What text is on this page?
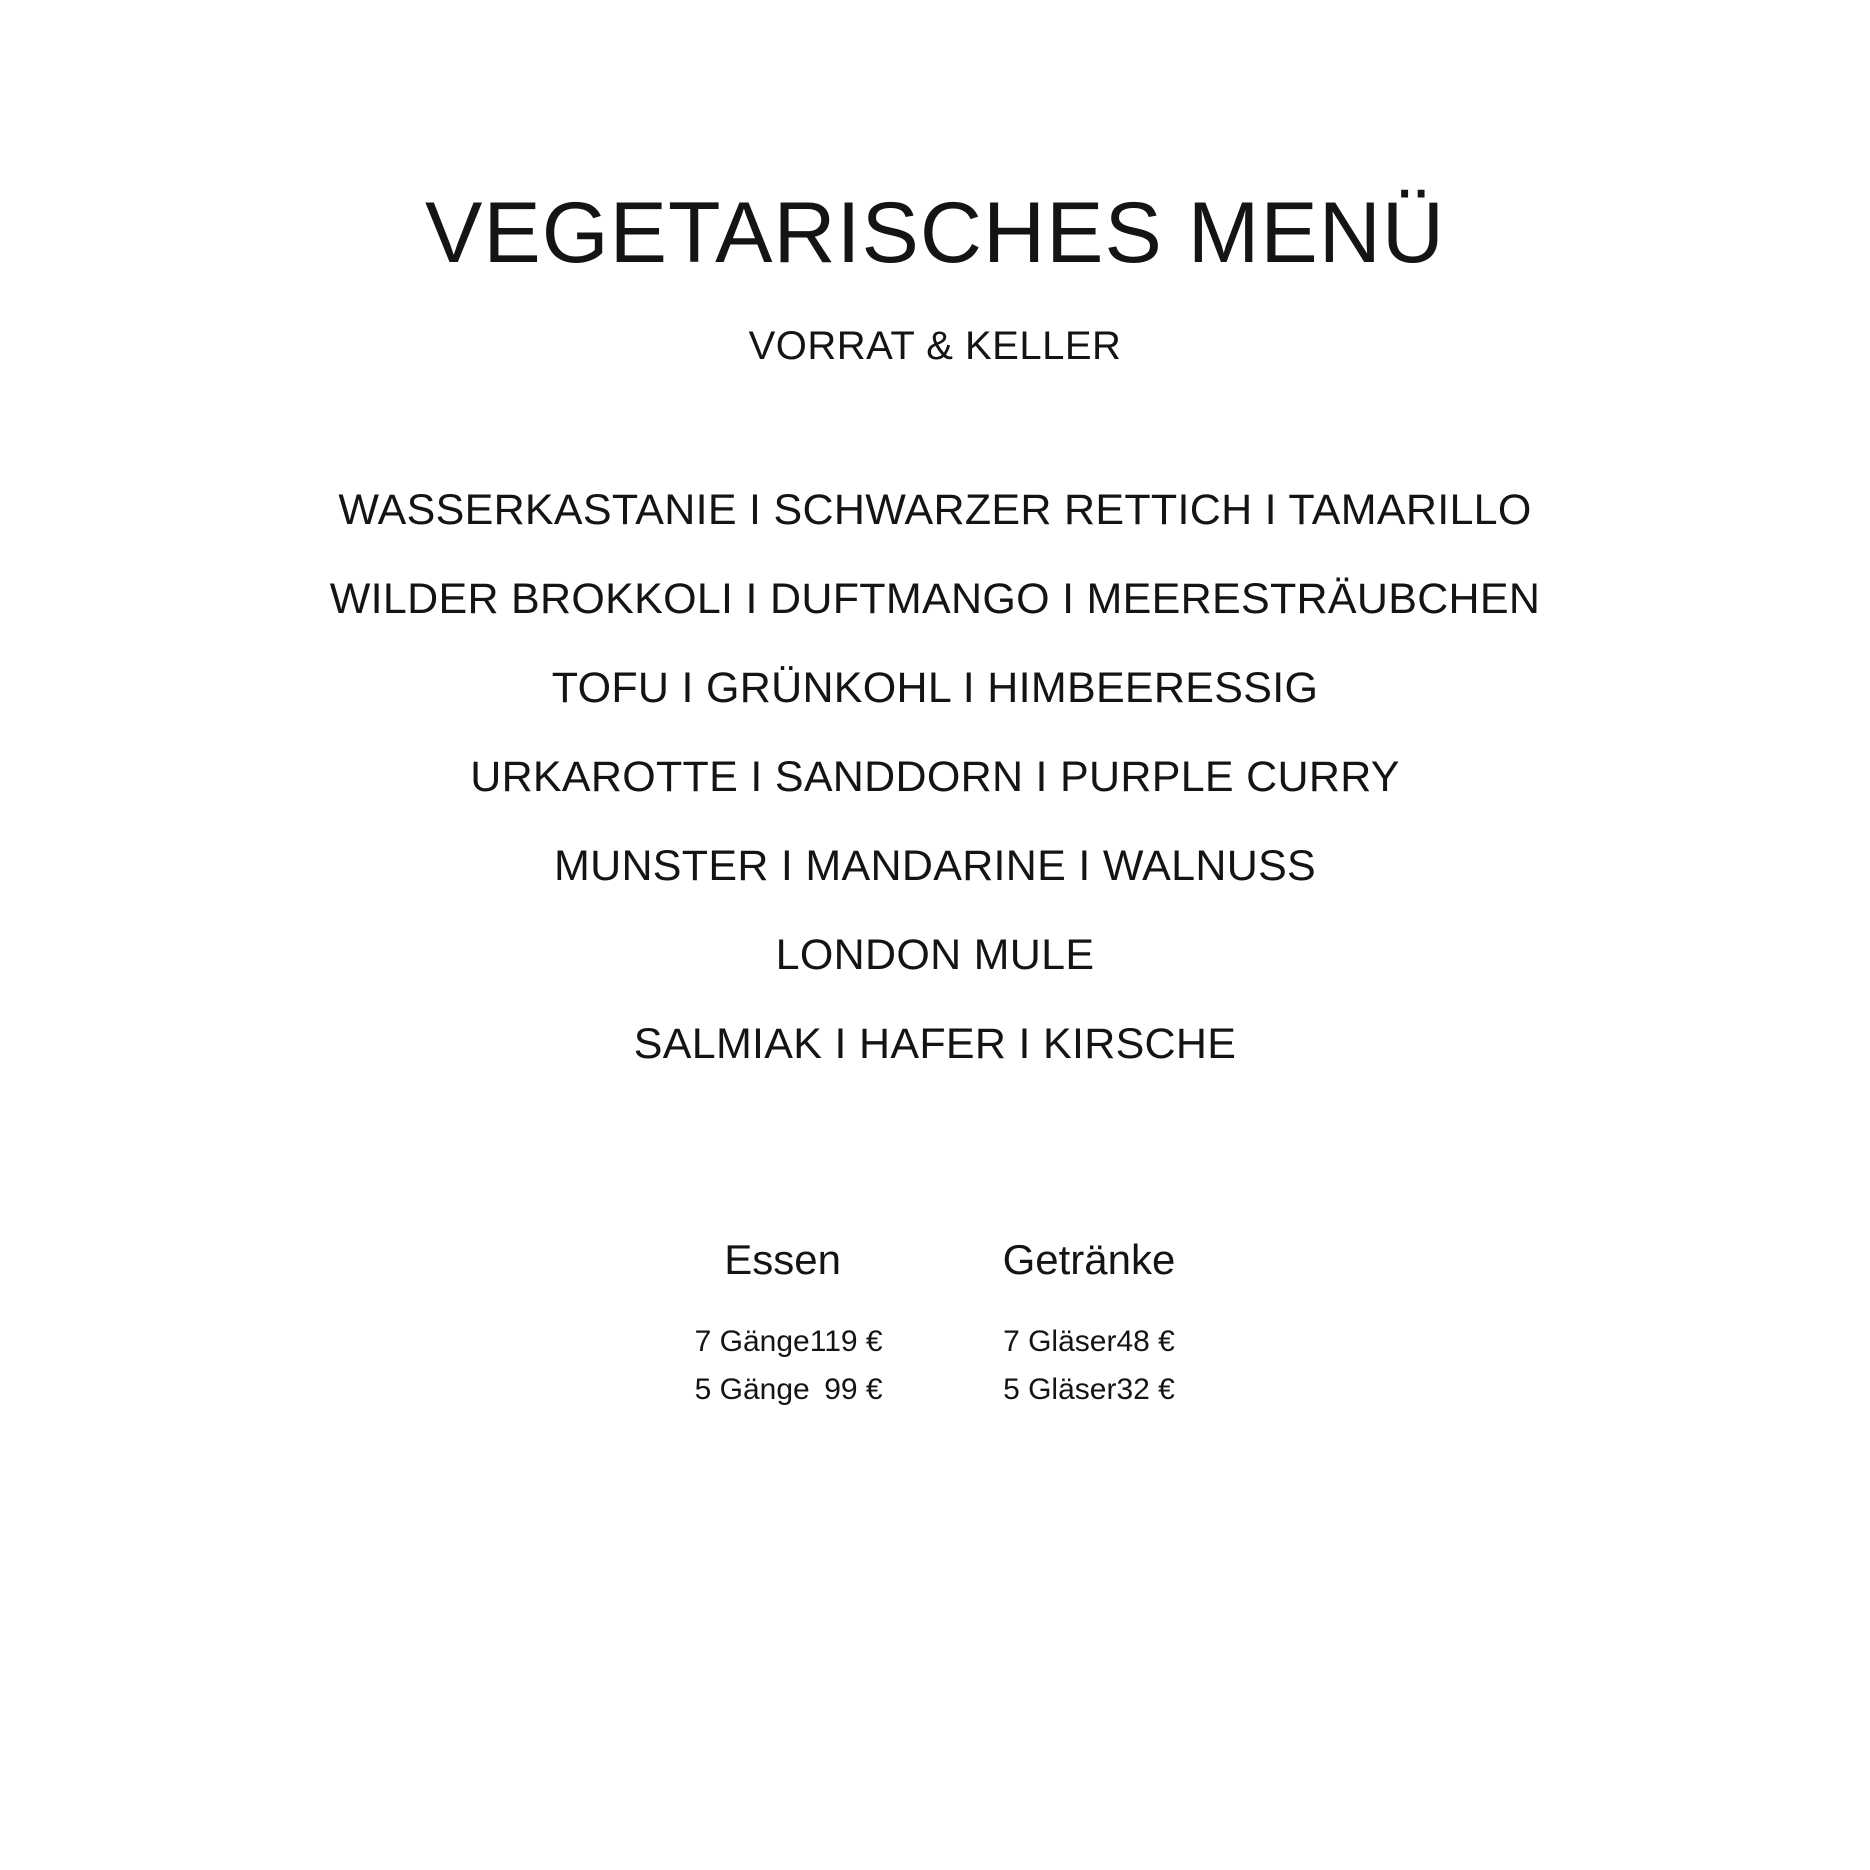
VEGETARISCHES MENÜ
VORRAT & KELLER
WASSERKASTANIE I SCHWARZER RETTICH I TAMARILLO
WILDER BROKKOLI I DUFTMANGO I MEERESTRÄUBCHEN
TOFU I GRÜNKOHL I HIMBEERESSIG
URKAROTTE I SANDDORN I PURPLE CURRY
MUNSTER I MANDARINE I WALNUSS
LONDON MULE
SALMIAK I HAFER I KIRSCHE
Essen
7 Gänge	119 €
5 Gänge	99 €
Getränke
7 Gläser	48 €
5 Gläser	32 €
